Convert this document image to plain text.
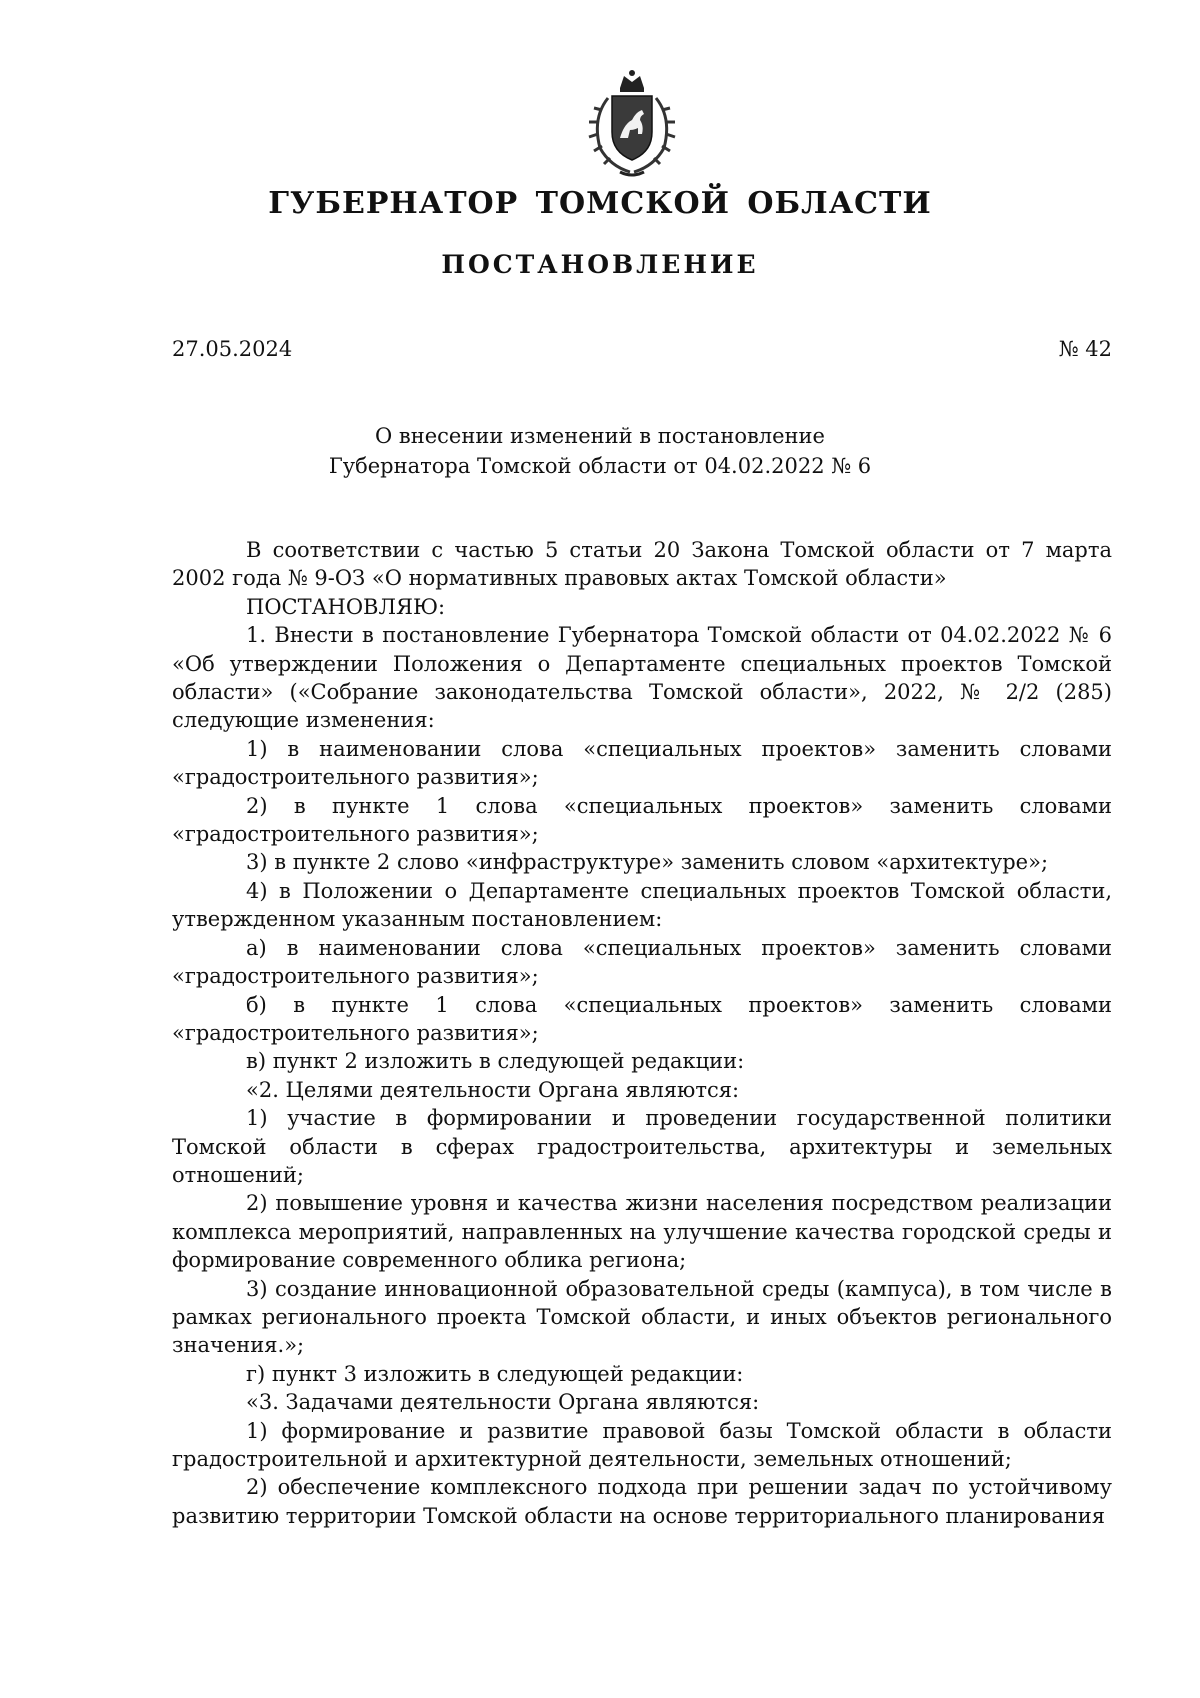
ГУБЕРНАТОР ТОМСКОЙ ОБЛАСТИ
ПОСТАНОВЛЕНИЕ
27.05.2024	№ 42
О внесении изменений в постановление
Губернатора Томской области от 04.02.2022 № 6

В соответствии с частью 5 статьи 20 Закона Томской области от 7 марта 2002 года № 9-ОЗ «О нормативных правовых актах Томской области»

ПОСТАНОВЛЯЮ:

1. Внести в постановление Губернатора Томской области от 04.02.2022 № 6 «Об утверждении Положения о Департаменте специальных проектов Томской области» («Собрание законодательства Томской области», 2022, № 2/2 (285) следующие изменения:

1) в наименовании слова «специальных проектов» заменить словами «градостроительного развития»;

2) в пункте 1 слова «специальных проектов» заменить словами «градостроительного развития»;

3) в пункте 2 слово «инфраструктуре» заменить словом «архитектуре»;

4) в Положении о Департаменте специальных проектов Томской области, утвержденном указанным постановлением:

а) в наименовании слова «специальных проектов» заменить словами «градостроительного развития»;

б) в пункте 1 слова «специальных проектов» заменить словами «градостроительного развития»;

в) пункт 2 изложить в следующей редакции:

«2. Целями деятельности Органа являются:

1) участие в формировании и проведении государственной политики Томской области в сферах градостроительства, архитектуры и земельных отношений;

2) повышение уровня и качества жизни населения посредством реализации комплекса мероприятий, направленных на улучшение качества городской среды и формирование современного облика региона;

3) создание инновационной образовательной среды (кампуса), в том числе в рамках регионального проекта Томской области, и иных объектов регионального значения.»;

г) пункт 3 изложить в следующей редакции:

«3. Задачами деятельности Органа являются:

1) формирование и развитие правовой базы Томской области в области градостроительной и архитектурной деятельности, земельных отношений;

2) обеспечение комплексного подхода при решении задач по устойчивому развитию территории Томской области на основе территориального планирования
